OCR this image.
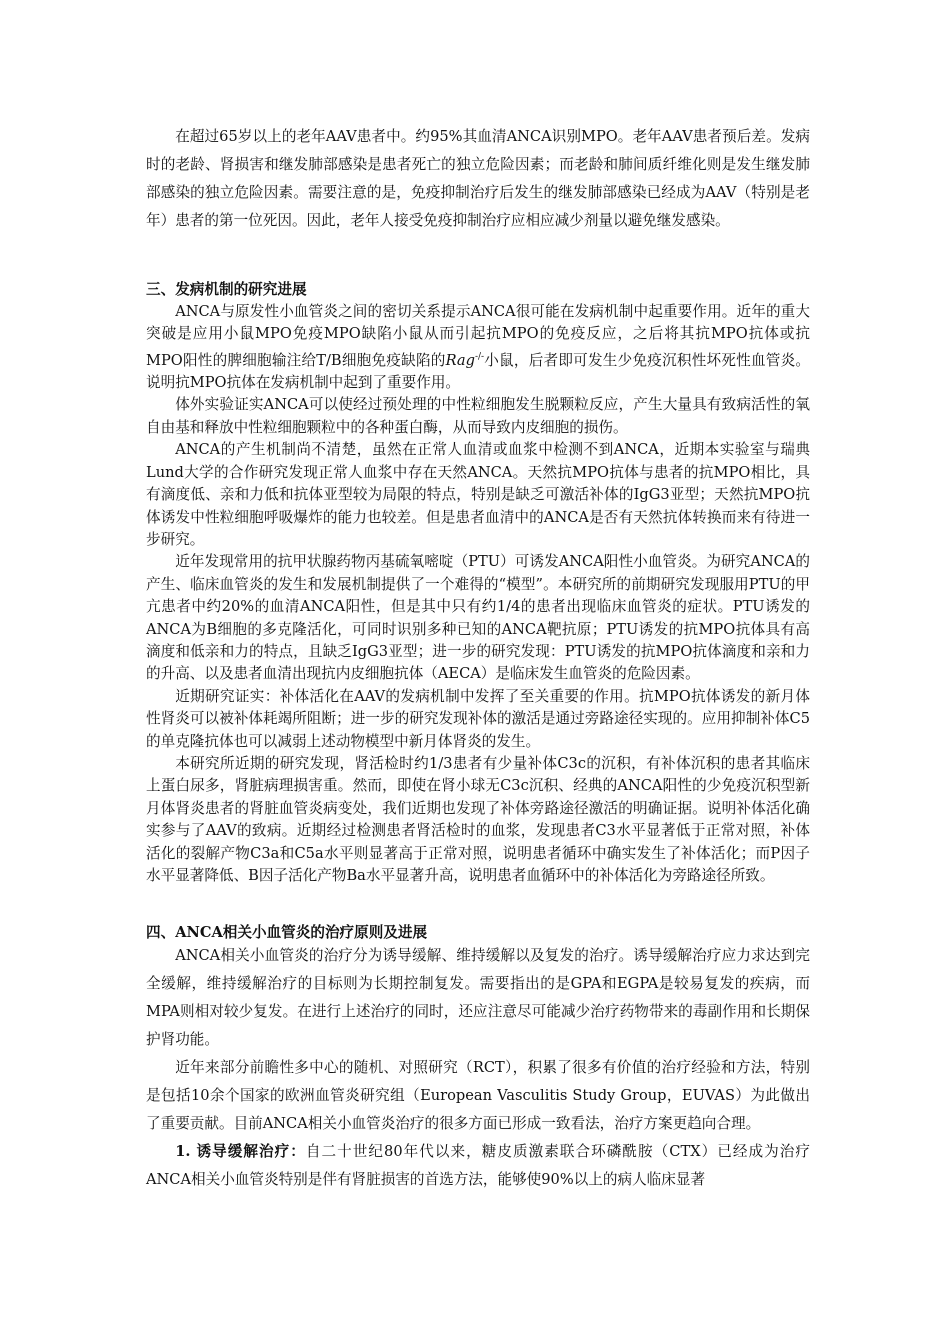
在超过65岁以上的老年AAV患者中。约95%其血清ANCA识别MPO。老年AAV患者预后差。发病时的老龄、肾损害和继发肺部感染是患者死亡的独立危险因素；而老龄和肺间质纤维化则是发生继发肺部感染的独立危险因素。需要注意的是，免疫抑制治疗后发生的继发肺部感染已经成为AAV（特别是老年）患者的第一位死因。因此，老年人接受免疫抑制治疗应相应减少剂量以避免继发感染。

三、发病机制的研究进展

ANCA与原发性小血管炎之间的密切关系提示ANCA很可能在发病机制中起重要作用。近年的重大突破是应用小鼠MPO免疫MPO缺陷小鼠从而引起抗MPO的免疫反应，之后将其抗MPO抗体或抗MPO阳性的脾细胞输注给T/B细胞免疫缺陷的Rag-/-小鼠，后者即可发生少免疫沉积性坏死性血管炎。说明抗MPO抗体在发病机制中起到了重要作用。

体外实验证实ANCA可以使经过预处理的中性粒细胞发生脱颗粒反应，产生大量具有致病活性的氧自由基和释放中性粒细胞颗粒中的各种蛋白酶，从而导致内皮细胞的损伤。

ANCA的产生机制尚不清楚，虽然在正常人血清或血浆中检测不到ANCA，近期本实验室与瑞典Lund大学的合作研究发现正常人血浆中存在天然ANCA。天然抗MPO抗体与患者的抗MPO相比，具有滴度低、亲和力低和抗体亚型较为局限的特点，特别是缺乏可激活补体的IgG3亚型；天然抗MPO抗体诱发中性粒细胞呼吸爆炸的能力也较差。但是患者血清中的ANCA是否有天然抗体转换而来有待进一步研究。

近年发现常用的抗甲状腺药物丙基硫氧嘧啶（PTU）可诱发ANCA阳性小血管炎。为研究ANCA的产生、临床血管炎的发生和发展机制提供了一个难得的“模型”。本研究所的前期研究发现服用PTU的甲亢患者中约20%的血清ANCA阳性，但是其中只有约1/4的患者出现临床血管炎的症状。PTU诱发的ANCA为B细胞的多克隆活化，可同时识别多种已知的ANCA靶抗原；PTU诱发的抗MPO抗体具有高滴度和低亲和力的特点，且缺乏IgG3亚型；进一步的研究发现：PTU诱发的抗MPO抗体滴度和亲和力的升高、以及患者血清出现抗内皮细胞抗体（AECA）是临床发生血管炎的危险因素。

近期研究证实：补体活化在AAV的发病机制中发挥了至关重要的作用。抗MPO抗体诱发的新月体性肾炎可以被补体耗竭所阻断；进一步的研究发现补体的激活是通过旁路途径实现的。应用抑制补体C5的单克隆抗体也可以减弱上述动物模型中新月体肾炎的发生。

本研究所近期的研究发现，肾活检时约1/3患者有少量补体C3c的沉积，有补体沉积的患者其临床上蛋白尿多，肾脏病理损害重。然而，即使在肾小球无C3c沉积、经典的ANCA阳性的少免疫沉积型新月体肾炎患者的肾脏血管炎病变处，我们近期也发现了补体旁路途径激活的明确证据。说明补体活化确实参与了AAV的致病。近期经过检测患者肾活检时的血浆，发现患者C3水平显著低于正常对照，补体活化的裂解产物C3a和C5a水平则显著高于正常对照，说明患者循环中确实发生了补体活化；而P因子水平显著降低、B因子活化产物Ba水平显著升高，说明患者血循环中的补体活化为旁路途径所致。

四、ANCA相关小血管炎的治疗原则及进展

ANCA相关小血管炎的治疗分为诱导缓解、维持缓解以及复发的治疗。诱导缓解治疗应力求达到完全缓解，维持缓解治疗的目标则为长期控制复发。需要指出的是GPA和EGPA是较易复发的疾病，而MPA则相对较少复发。在进行上述治疗的同时，还应注意尽可能减少治疗药物带来的毒副作用和长期保护肾功能。

近年来部分前瞻性多中心的随机、对照研究（RCT），积累了很多有价值的治疗经验和方法，特别是包括10余个国家的欧洲血管炎研究组（European Vasculitis Study Group，EUVAS）为此做出了重要贡献。目前ANCA相关小血管炎治疗的很多方面已形成一致看法，治疗方案更趋向合理。

1. 诱导缓解治疗：自二十世纪80年代以来，糖皮质激素联合环磷酰胺（CTX）已经成为治疗ANCA相关小血管炎特别是伴有肾脏损害的首选方法，能够使90%以上的病人临床显著
